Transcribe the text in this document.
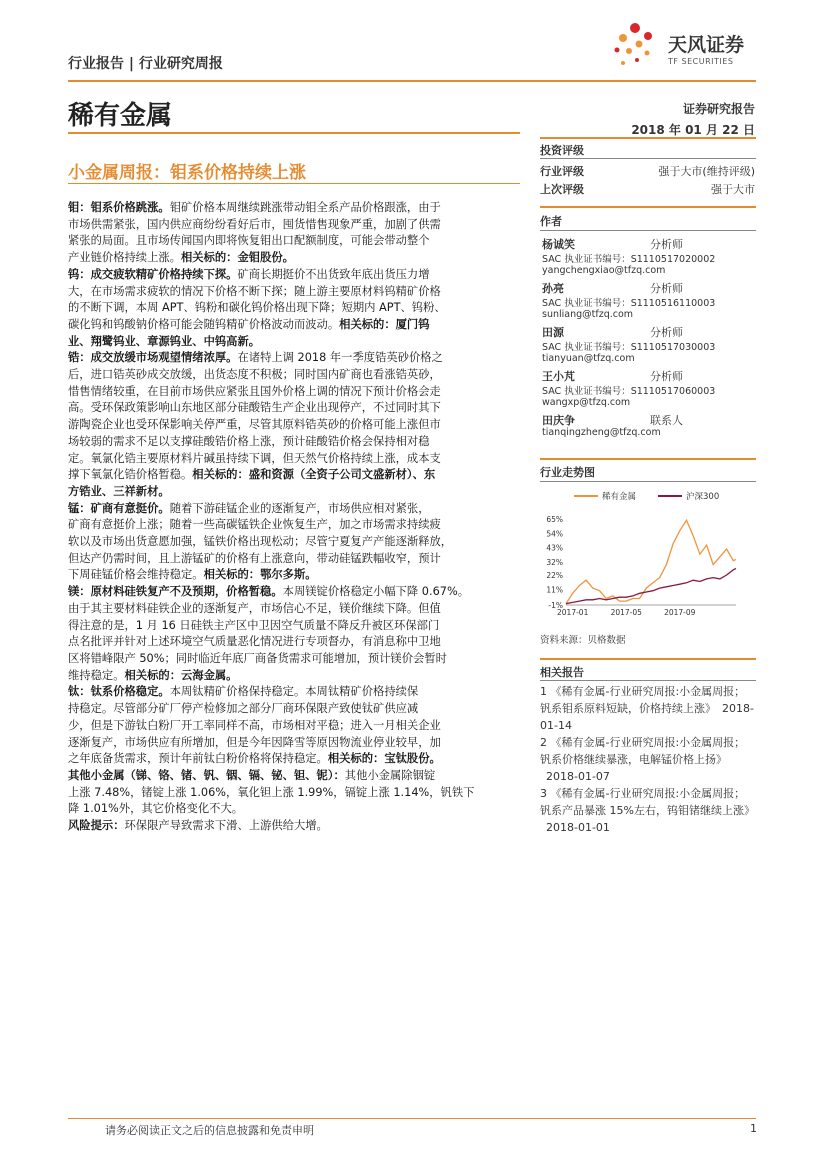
行业报告 | 行业研究周报
天风证券
TF SECURITIES
稀有金属	证券研究报告
2018 年 01 月 22 日
小金属周报：钼系价格持续上涨
钼：钼系价格跳涨。钼矿价格本周继续跳涨带动钼全系产品价格跟涨，由于
市场供需紧张，国内供应商纷纷看好后市，囤货惜售现象严重，加剧了供需
紧张的局面。且市场传闻国内即将恢复钼出口配额制度，可能会带动整个
产业链价格持续上涨。相关标的：金钼股份。
钨：成交疲软精矿价格持续下探。矿商长期挺价不出货致年底出货压力增
大，在市场需求疲软的情况下价格不断下探；随上游主要原材料钨精矿价格
的不断下调，本周 APT、钨粉和碳化钨价格出现下降；短期内 APT、钨粉、
碳化钨和钨酸钠价格可能会随钨精矿价格波动而波动。相关标的：厦门钨
业、翔鹭钨业、章源钨业、中钨高新。
锆：成交放缓市场观望情绪浓厚。在诸特上调 2018 年一季度锆英砂价格之
后，进口锆英砂成交放缓，出货态度不积极；同时国内矿商也看涨锆英砂，
惜售情绪较重，在目前市场供应紧张且国外价格上调的情况下预计价格会走
高。受环保政策影响山东地区部分硅酸锆生产企业出现停产，不过同时其下
游陶瓷企业也受环保影响关停严重，尽管其原料锆英砂的价格可能上涨但市
场较弱的需求不足以支撑硅酸锆价格上涨，预计硅酸锆价格会保持相对稳
定。氧氯化锆主要原材料片碱虽持续下调，但天然气价格持续上涨，成本支
撑下氧氯化锆价格暂稳。相关标的：盛和资源（全资子公司文盛新材）、东
方锆业、三祥新材。
锰：矿商有意挺价。随着下游硅锰企业的逐渐复产，市场供应相对紧张，
矿商有意挺价上涨；随着一些高碳锰铁企业恢复生产，加之市场需求持续疲
软以及市场出货意愿加强，锰铁价格出现松动；尽管宁夏复产产能逐渐释放，
但达产仍需时间，且上游锰矿的价格有上涨意向，带动硅锰跌幅收窄，预计
下周硅锰价格会维持稳定。相关标的：鄂尔多斯。
镁：原材料硅铁复产不及预期，价格暂稳。本周镁锭价格稳定小幅下降 0.67%。
由于其主要材料硅铁企业的逐渐复产，市场信心不足，镁价继续下降。但值
得注意的是，1 月 16 日硅铁主产区中卫因空气质量不降反升被区环保部门
点名批评并针对上述环境空气质量恶化情况进行专项督办，有消息称中卫地
区将错峰限产 50%；同时临近年底厂商备货需求可能增加，预计镁价会暂时
维持稳定。相关标的：云海金属。
钛：钛系价格稳定。本周钛精矿价格保持稳定。本周钛精矿价格持续保
持稳定。尽管部分矿厂停产检修加之部分厂商环保限产致使钛矿供应减
少，但是下游钛白粉厂开工率同样不高，市场相对平稳；进入一月相关企业
逐渐复产，市场供应有所增加，但是今年因降雪等原因物流业停业较早，加
之年底备货需求，预计年前钛白粉价格将保持稳定。相关标的：宝钛股份。
其他小金属（锑、铬、锗、钒、铟、镉、铋、钽、铌）：其他小金属除铟锭
上涨 7.48%，锗锭上涨 1.06%，氧化钽上涨 1.99%，镉锭上涨 1.14%，钒铁下
降 1.01%外，其它价格变化不大。
风险提示：环保限产导致需求下滑、上游供给大增。
投资评级
行业评级	强于大市(维持评级)
上次评级	强于大市
作者
杨诚笑	分析师
SAC 执业证书编号：S1110517020002
yangchengxiao@tfzq.com
孙亮	分析师
SAC 执业证书编号：S1110516110003
sunliang@tfzq.com
田源	分析师
SAC 执业证书编号：S1110517030003
tianyuan@tfzq.com
王小芃	分析师
SAC 执业证书编号：S1110517060003
wangxp@tfzq.com
田庆争	联系人
tianqingzheng@tfzq.com
行业走势图
65%
54%
43%
32%
22%
11%
-1%
2017-01	2017-05	2017-09
稀有金属	沪深300
资料来源：贝格数据
相关报告
1 《稀有金属-行业研究周报:小金属周报；钒系钼系原料短缺，价格持续上涨》 2018-01-14
2 《稀有金属-行业研究周报:小金属周报；钒系价格继续暴涨，电解锰价格上扬》2018-01-07
3 《稀有金属-行业研究周报:小金属周报；钒系产品暴涨 15%左右，钨钼锗继续上涨》2018-01-01
请务必阅读正文之后的信息披露和免责申明	1
